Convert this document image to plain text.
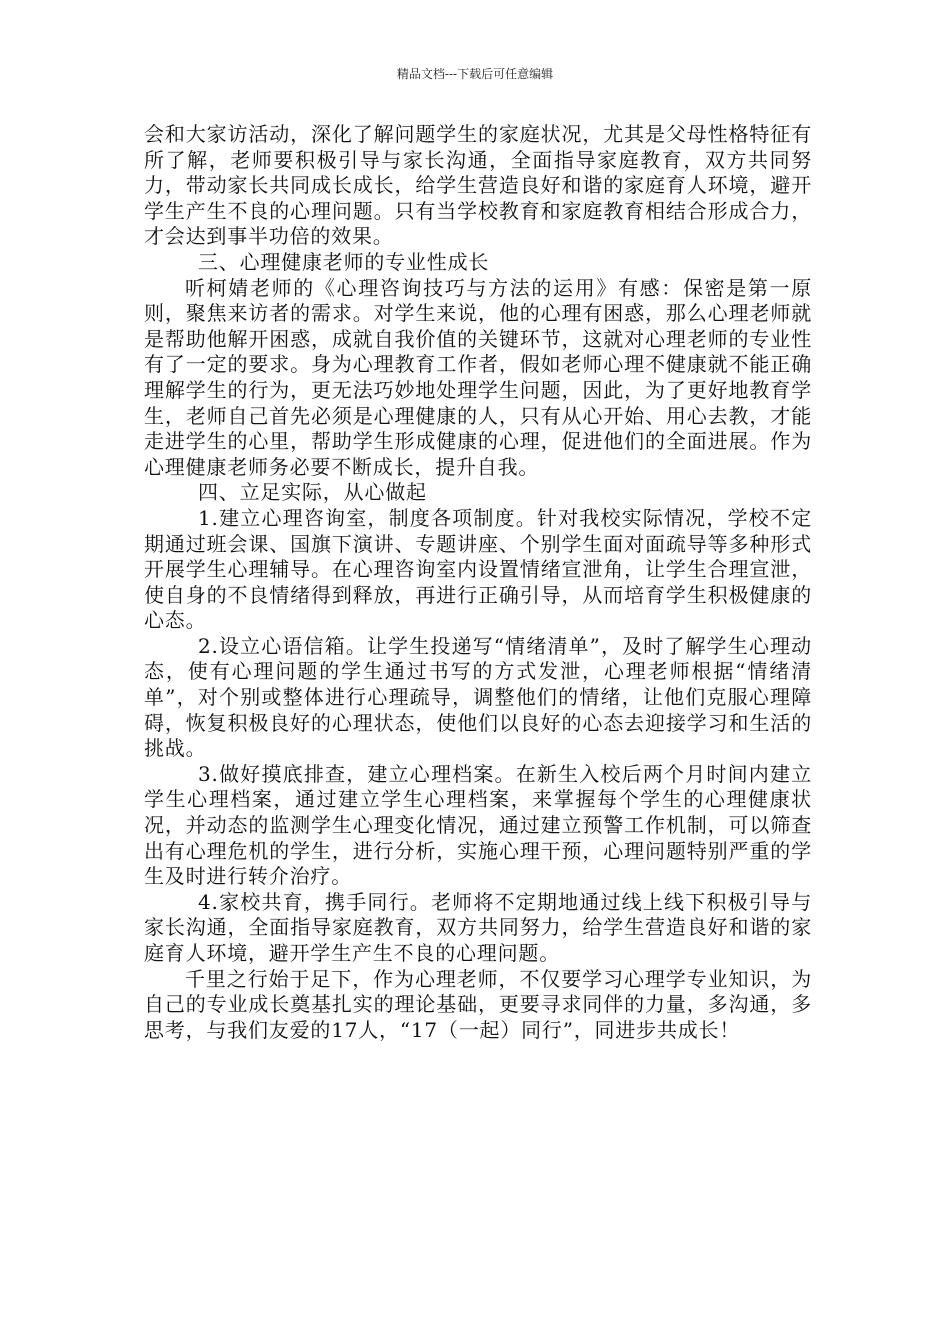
精品文档---下载后可任意编辑

会和大家访活动，深化了解问题学生的家庭状况，尤其是父母性格特征有所了解，老师要积极引导与家长沟通，全面指导家庭教育，双方共同努力，带动家长共同成长成长，给学生营造良好和谐的家庭育人环境，避开学生产生不良的心理问题。只有当学校教育和家庭教育相结合形成合力，才会达到事半功倍的效果。

三、心理健康老师的专业性成长

听柯婧老师的《心理咨询技巧与方法的运用》有感：保密是第一原则，聚焦来访者的需求。对学生来说，他的心理有困惑，那么心理老师就是帮助他解开困惑，成就自我价值的关键环节，这就对心理老师的专业性有了一定的要求。身为心理教育工作者，假如老师心理不健康就不能正确理解学生的行为，更无法巧妙地处理学生问题，因此，为了更好地教育学生，老师自己首先必须是心理健康的人，只有从心开始、用心去教，才能走进学生的心里，帮助学生形成健康的心理，促进他们的全面进展。作为心理健康老师务必要不断成长，提升自我。

四、立足实际，从心做起

1.建立心理咨询室，制度各项制度。针对我校实际情况，学校不定期通过班会课、国旗下演讲、专题讲座、个别学生面对面疏导等多种形式开展学生心理辅导。在心理咨询室内设置情绪宣泄角，让学生合理宣泄，使自身的不良情绪得到释放，再进行正确引导，从而培育学生积极健康的心态。

2.设立心语信箱。让学生投递写“情绪清单”，及时了解学生心理动态，使有心理问题的学生通过书写的方式发泄，心理老师根据“情绪清单”，对个别或整体进行心理疏导，调整他们的情绪，让他们克服心理障碍，恢复积极良好的心理状态，使他们以良好的心态去迎接学习和生活的挑战。

3.做好摸底排查，建立心理档案。在新生入校后两个月时间内建立学生心理档案，通过建立学生心理档案，来掌握每个学生的心理健康状况，并动态的监测学生心理变化情况，通过建立预警工作机制，可以筛查出有心理危机的学生，进行分析，实施心理干预，心理问题特别严重的学生及时进行转介治疗。

4.家校共育，携手同行。老师将不定期地通过线上线下积极引导与家长沟通，全面指导家庭教育，双方共同努力，给学生营造良好和谐的家庭育人环境，避开学生产生不良的心理问题。

千里之行始于足下，作为心理老师，不仅要学习心理学专业知识，为自己的专业成长奠基扎实的理论基础，更要寻求同伴的力量，多沟通，多思考，与我们友爱的17人，“17（一起）同行”，同进步共成长！
